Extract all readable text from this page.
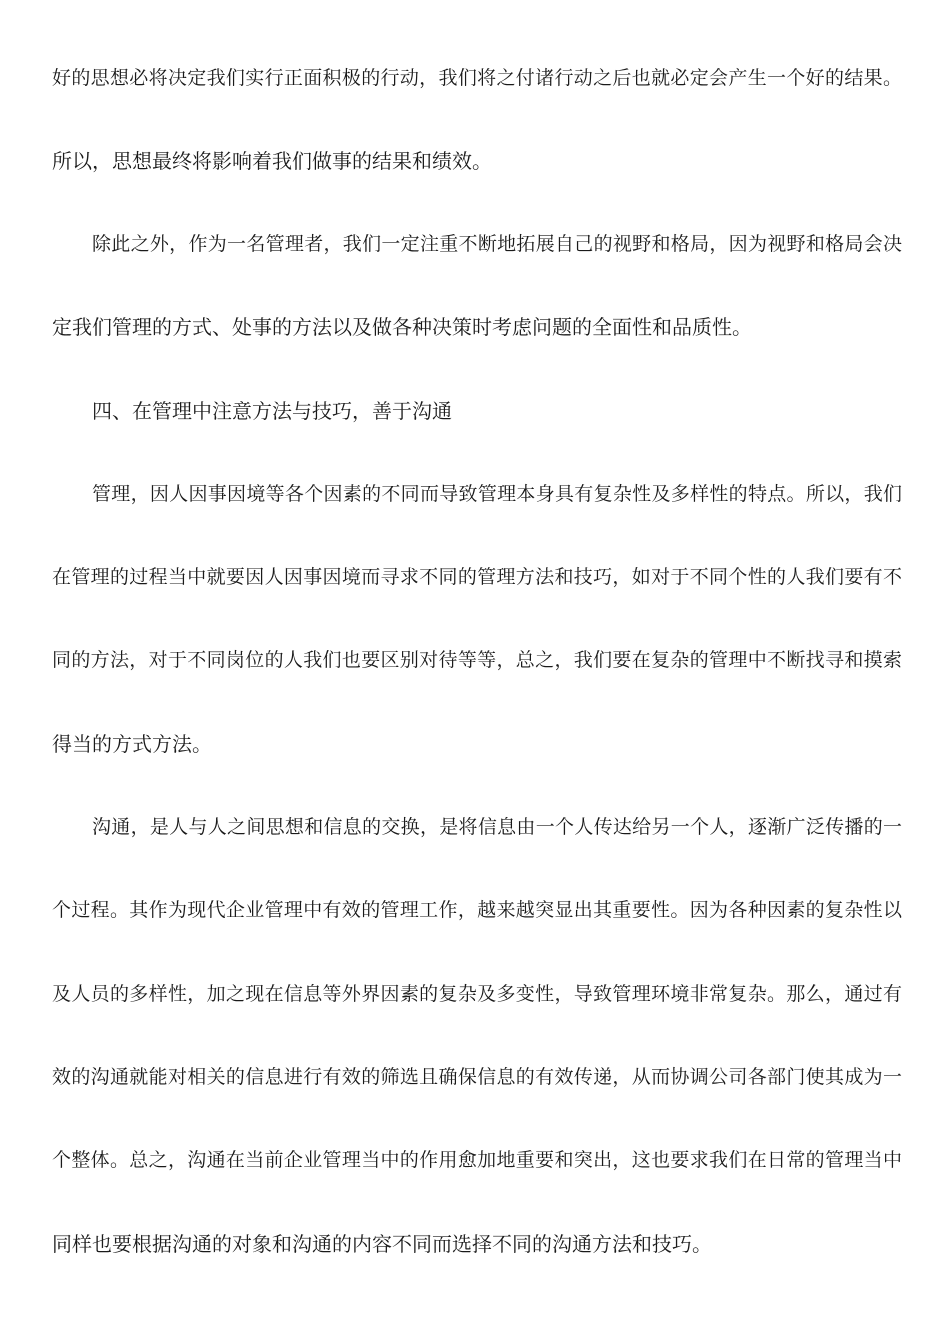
好的思想必将决定我们实行正面积极的行动，我们将之付诸行动之后也就必定会产生一个好的结果。
所以，思想最终将影响着我们做事的结果和绩效。
除此之外，作为一名管理者，我们一定注重不断地拓展自己的视野和格局，因为视野和格局会决
定我们管理的方式、处事的方法以及做各种决策时考虑问题的全面性和品质性。
四、在管理中注意方法与技巧，善于沟通
管理，因人因事因境等各个因素的不同而导致管理本身具有复杂性及多样性的特点。所以，我们
在管理的过程当中就要因人因事因境而寻求不同的管理方法和技巧，如对于不同个性的人我们要有不
同的方法，对于不同岗位的人我们也要区别对待等等，总之，我们要在复杂的管理中不断找寻和摸索
得当的方式方法。
沟通，是人与人之间思想和信息的交换，是将信息由一个人传达给另一个人，逐渐广泛传播的一
个过程。其作为现代企业管理中有效的管理工作，越来越突显出其重要性。因为各种因素的复杂性以
及人员的多样性，加之现在信息等外界因素的复杂及多变性，导致管理环境非常复杂。那么，通过有
效的沟通就能对相关的信息进行有效的筛选且确保信息的有效传递，从而协调公司各部门使其成为一
个整体。总之，沟通在当前企业管理当中的作用愈加地重要和突出，这也要求我们在日常的管理当中
同样也要根据沟通的对象和沟通的内容不同而选择不同的沟通方法和技巧。
